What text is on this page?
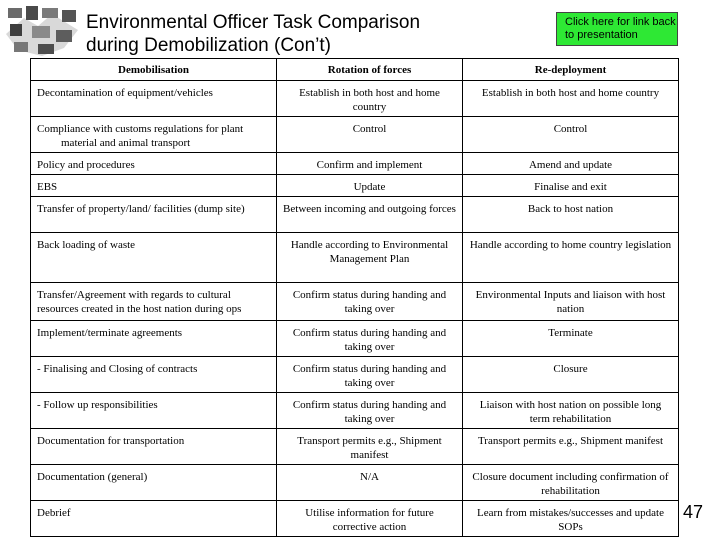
Environmental Officer Task Comparison
during Demobilization (Con’t)
Click here for link back to presentation
Demobilisation	Rotation of forces	Re-deployment
Decontamination of equipment/vehicles	Establish in both host and home country	Establish in both host and home country
Compliance with customs regulations for plant material and animal transport	Control	Control
Policy and procedures	Confirm and implement	Amend and update
EBS	Update	Finalise and exit
Transfer of property/land/ facilities (dump site)	Between incoming and outgoing forces	Back to host nation
Back loading of waste	Handle according to Environmental Management Plan	Handle according to home country legislation
Transfer/Agreement with regards to cultural resources created in the host nation during ops	Confirm status during handing and taking over	Environmental Inputs and liaison with host nation
Implement/terminate agreements	Confirm status during handing and taking over	Terminate
- Finalising and Closing of contracts	Confirm status during handing and taking over	Closure
- Follow up responsibilities	Confirm status during handing and taking over	Liaison with host nation on possible long term rehabilitation
Documentation for transportation	Transport permits e.g., Shipment manifest	Transport permits e.g., Shipment manifest
Documentation (general)	N/A	Closure document including confirmation of rehabilitation
Debrief	Utilise information for future corrective action	Learn from mistakes/successes and update SOPs
47
